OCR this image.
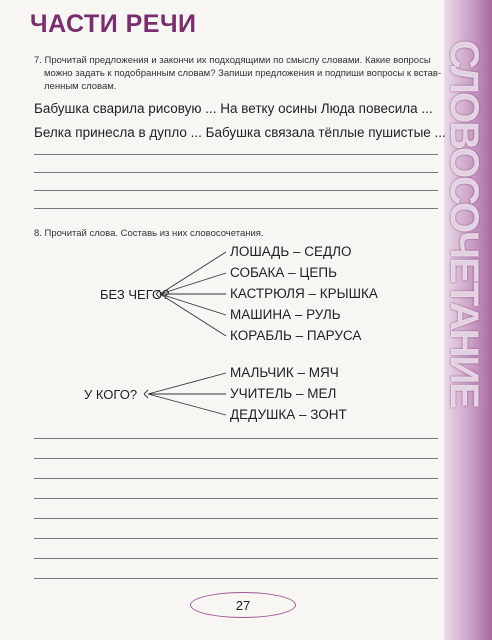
СЛОВОСОЧЕТАНИЕ
ЧАСТИ РЕЧИ
7. Прочитай предложения и закончи их подходящими по смыслу словами. Какие вопросы
можно задать к подобранным словам? Запиши предложения и подпиши вопросы к встав-
ленным словам.
Бабушка сварила рисовую ... На ветку осины Люда повесила ...
Белка принесла в дупло ... Бабушка связала тёплые пушистые ...
8. Прочитай слова. Составь из них словосочетания.
БЕЗ ЧЕГО?
ЛОШАДЬ – СЕДЛО
СОБАКА – ЦЕПЬ
КАСТРЮЛЯ – КРЫШКА
МАШИНА – РУЛЬ
КОРАБЛЬ – ПАРУСА
У КОГО?
МАЛЬЧИК – МЯЧ
УЧИТЕЛЬ – МЕЛ
ДЕДУШКА – ЗОНТ
27
